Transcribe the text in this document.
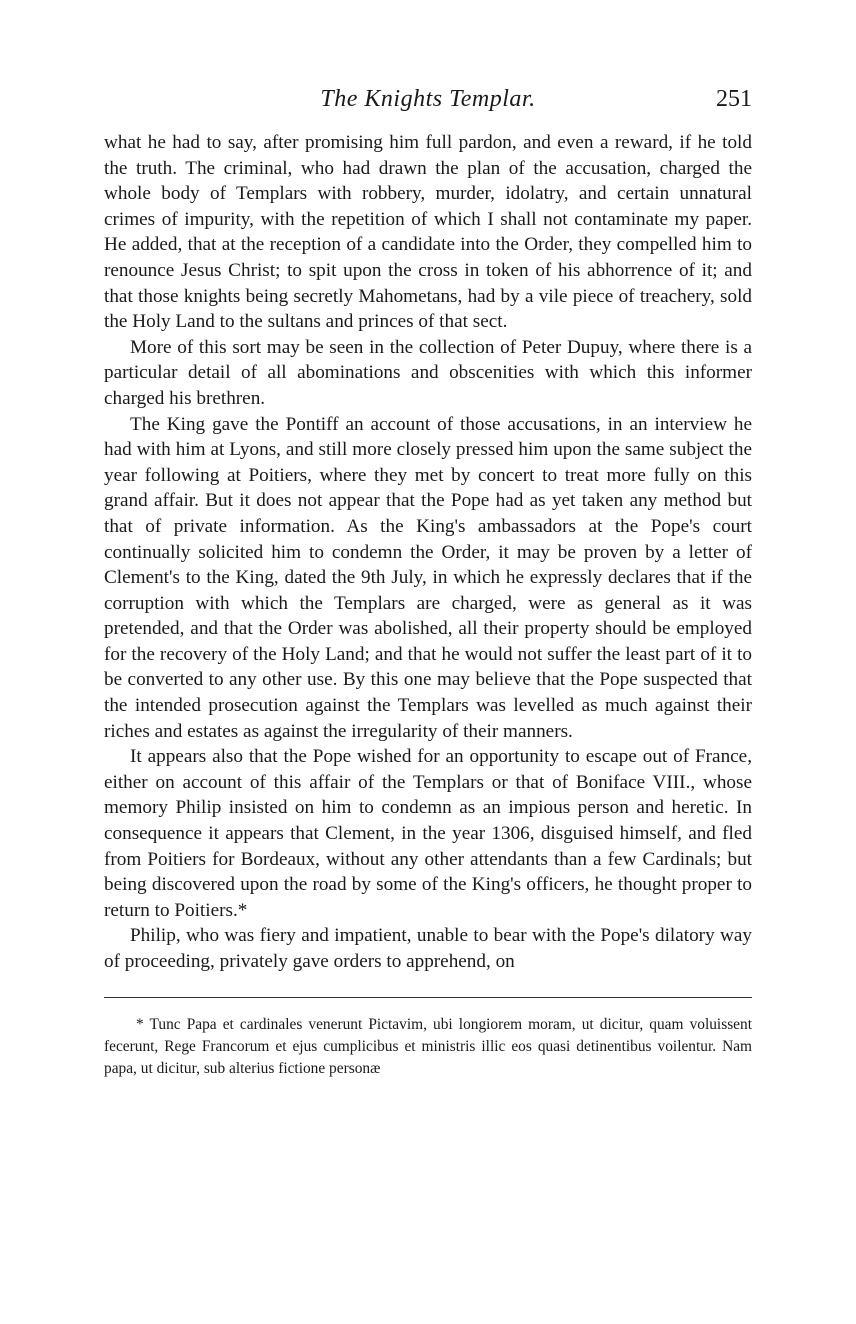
The Knights Templar.	251

what he had to say, after promising him full pardon, and even a reward, if he told the truth. The criminal, who had drawn the plan of the accusation, charged the whole body of Templars with robbery, murder, idolatry, and certain unnatural crimes of impurity, with the repetition of which I shall not contaminate my paper. He added, that at the reception of a candidate into the Order, they compelled him to renounce Jesus Christ; to spit upon the cross in token of his abhorrence of it; and that those knights being secretly Mahometans, had by a vile piece of treachery, sold the Holy Land to the sultans and princes of that sect.

More of this sort may be seen in the collection of Peter Dupuy, where there is a particular detail of all abominations and obscenities with which this informer charged his brethren.

The King gave the Pontiff an account of those accusations, in an interview he had with him at Lyons, and still more closely pressed him upon the same subject the year following at Poitiers, where they met by concert to treat more fully on this grand affair. But it does not appear that the Pope had as yet taken any method but that of private information. As the King's ambassadors at the Pope's court continually solicited him to condemn the Order, it may be proven by a letter of Clement's to the King, dated the 9th July, in which he expressly declares that if the corruption with which the Templars are charged, were as general as it was pretended, and that the Order was abolished, all their property should be employed for the recovery of the Holy Land; and that he would not suffer the least part of it to be converted to any other use. By this one may believe that the Pope suspected that the intended prosecution against the Templars was levelled as much against their riches and estates as against the irregularity of their manners.

It appears also that the Pope wished for an opportunity to escape out of France, either on account of this affair of the Templars or that of Boniface VIII., whose memory Philip insisted on him to condemn as an impious person and heretic. In consequence it appears that Clement, in the year 1306, disguised himself, and fled from Poitiers for Bordeaux, without any other attendants than a few Cardinals; but being discovered upon the road by some of the King's officers, he thought proper to return to Poitiers.*

Philip, who was fiery and impatient, unable to bear with the Pope's dilatory way of proceeding, privately gave orders to apprehend, on

* Tunc Papa et cardinales venerunt Pictavim, ubi longiorem moram, ut dicitur, quam voluissent fecerunt, Rege Francorum et ejus cumplicibus et ministris illic eos quasi detinentibus voilentur. Nam papa, ut dicitur, sub alterius fictione personæ
